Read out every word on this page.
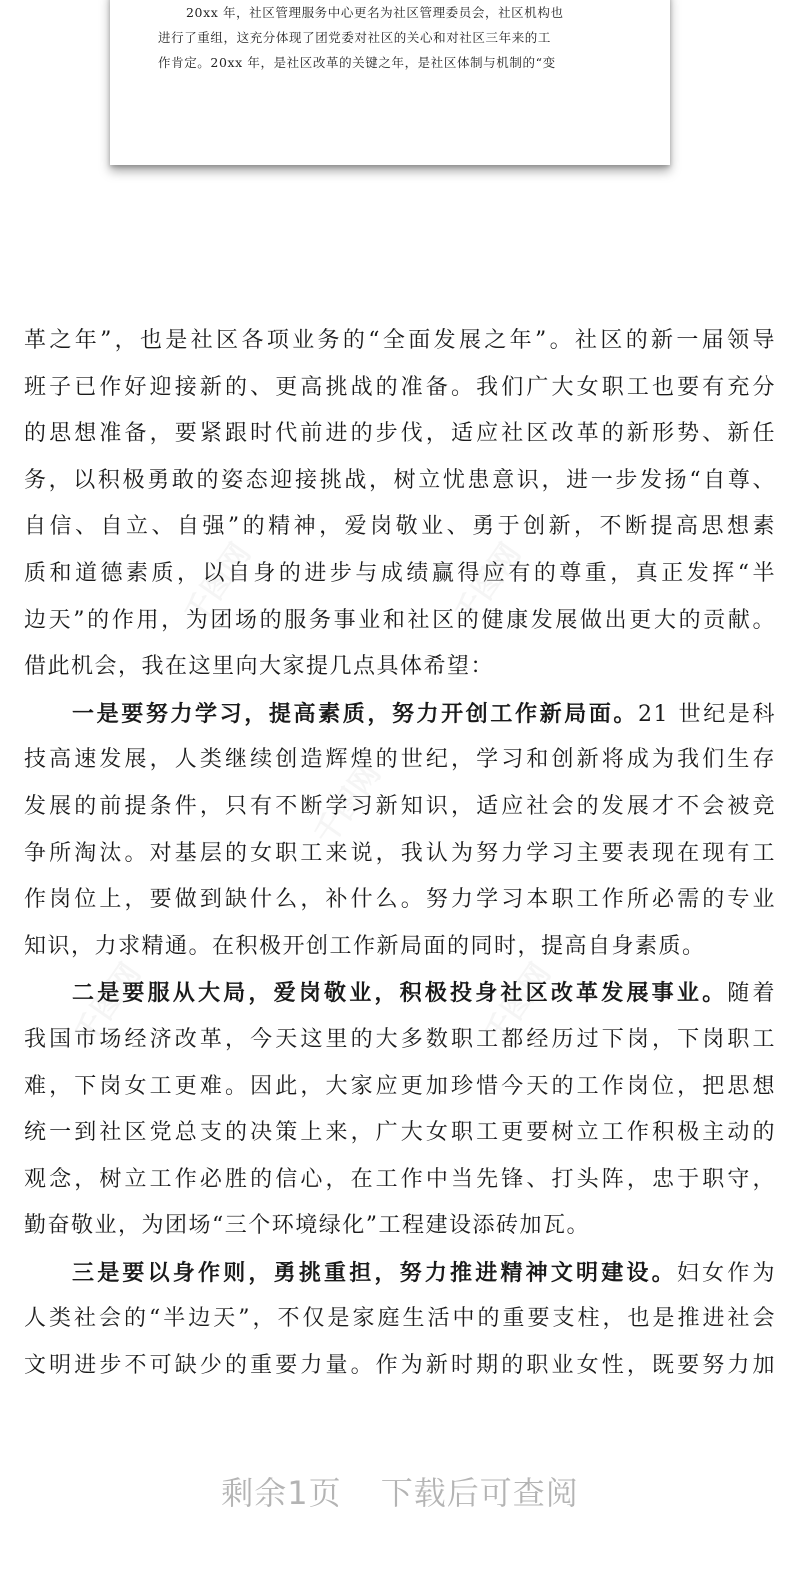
20xx 年，社区管理服务中心更名为社区管理委员会，社区机构也

进行了重组，这充分体现了团党委对社区的关心和对社区三年来的工

作肯定。20xx 年，是社区改革的关键之年，是社区体制与机制的“变

千图网	千图网
千图网
千图网	千图网
革之年”，也是社区各项业务的“全面发展之年”。社区的新一届领导
班子已作好迎接新的、更高挑战的准备。我们广大女职工也要有充分
的思想准备，要紧跟时代前进的步伐，适应社区改革的新形势、新任
务，以积极勇敢的姿态迎接挑战，树立忧患意识，进一步发扬“自尊、
自信、自立、自强”的精神，爱岗敬业、勇于创新，不断提高思想素
质和道德素质，以自身的进步与成绩赢得应有的尊重，真正发挥“半
边天”的作用，为团场的服务事业和社区的健康发展做出更大的贡献。
借此机会，我在这里向大家提几点具体希望：
一是要努力学习，提高素质，努力开创工作新局面。21 世纪是科
技高速发展，人类继续创造辉煌的世纪，学习和创新将成为我们生存
发展的前提条件，只有不断学习新知识，适应社会的发展才不会被竞
争所淘汰。对基层的女职工来说，我认为努力学习主要表现在现有工
作岗位上，要做到缺什么，补什么。努力学习本职工作所必需的专业
知识，力求精通。在积极开创工作新局面的同时，提高自身素质。
二是要服从大局，爱岗敬业，积极投身社区改革发展事业。随着
我国市场经济改革，今天这里的大多数职工都经历过下岗，下岗职工
难，下岗女工更难。因此，大家应更加珍惜今天的工作岗位，把思想
统一到社区党总支的决策上来，广大女职工更要树立工作积极主动的
观念，树立工作必胜的信心，在工作中当先锋、打头阵，忠于职守，
勤奋敬业，为团场“三个环境绿化”工程建设添砖加瓦。
三是要以身作则，勇挑重担，努力推进精神文明建设。妇女作为
人类社会的“半边天”，不仅是家庭生活中的重要支柱，也是推进社会
文明进步不可缺少的重要力量。作为新时期的职业女性，既要努力加
剩余1页 下载后可查阅
